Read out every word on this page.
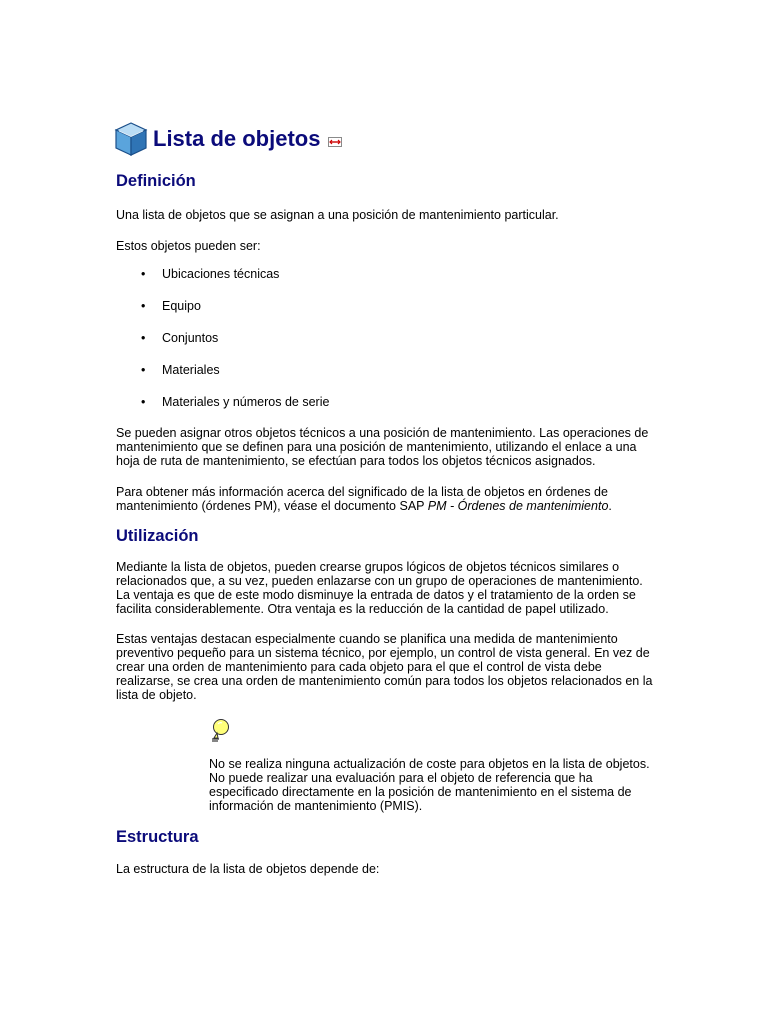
Lista de objetos
Definición

Una lista de objetos que se asignan a una posición de mantenimiento particular.

Estos objetos pueden ser:

• Ubicaciones técnicas
• Equipo
• Conjuntos
• Materiales
• Materiales y números de serie

Se pueden asignar otros objetos técnicos a una posición de mantenimiento. Las operaciones de mantenimiento que se definen para una posición de mantenimiento, utilizando el enlace a una hoja de ruta de mantenimiento, se efectúan para todos los objetos técnicos asignados.

Para obtener más información acerca del significado de la lista de objetos en órdenes de mantenimiento (órdenes PM), véase el documento SAP PM - Órdenes de mantenimiento.

Utilización

Mediante la lista de objetos, pueden crearse grupos lógicos de objetos técnicos similares o relacionados que, a su vez, pueden enlazarse con un grupo de operaciones de mantenimiento. La ventaja es que de este modo disminuye la entrada de datos y el tratamiento de la orden se facilita considerablemente. Otra ventaja es la reducción de la cantidad de papel utilizado.

Estas ventajas destacan especialmente cuando se planifica una medida de mantenimiento preventivo pequeño para un sistema técnico, por ejemplo, un control de vista general. En vez de crear una orden de mantenimiento para cada objeto para el que el control de vista debe realizarse, se crea una orden de mantenimiento común para todos los objetos relacionados en la lista de objeto.

No se realiza ninguna actualización de coste para objetos en la lista de objetos. No puede realizar una evaluación para el objeto de referencia que ha especificado directamente en la posición de mantenimiento en el sistema de información de mantenimiento (PMIS).

Estructura

La estructura de la lista de objetos depende de:
